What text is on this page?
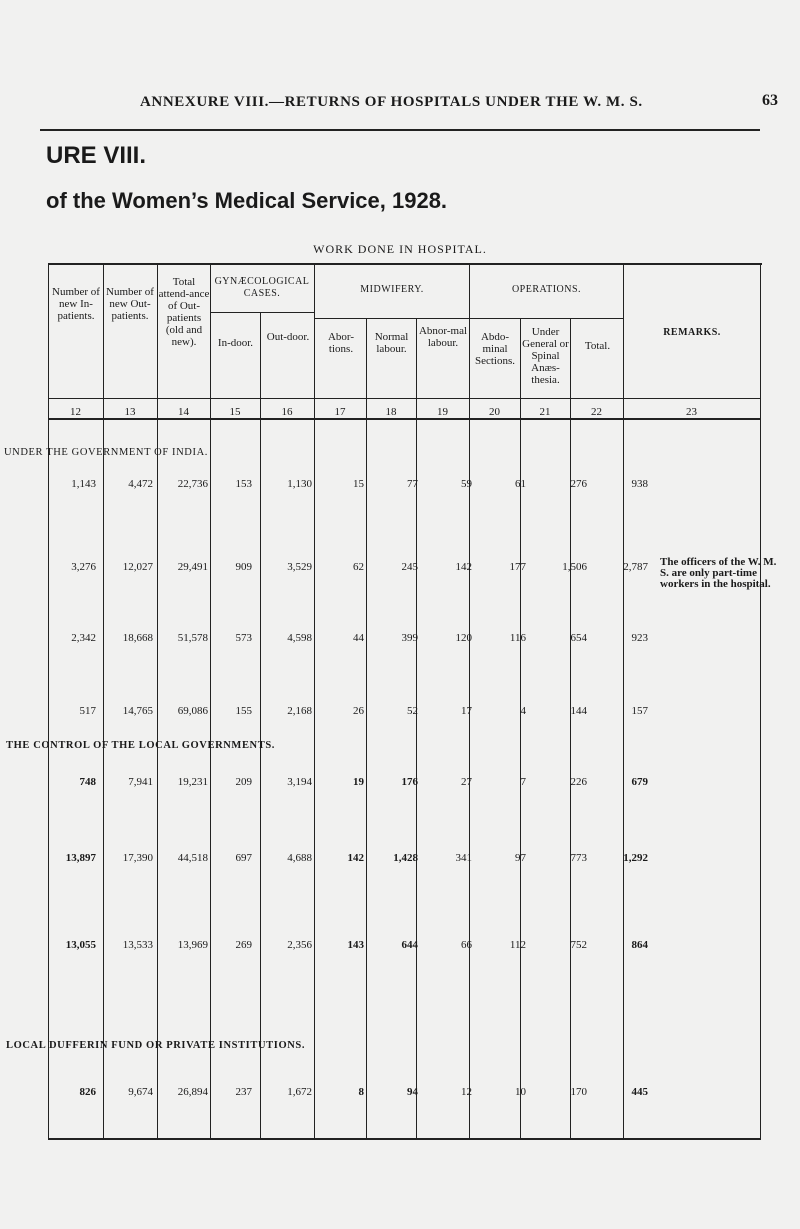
ANNEXURE VIII.—RETURNS OF HOSPITALS UNDER THE W. M. S.	63
URE VIII.
of the Women’s Medical Service, 1928.
WORK DONE IN HOSPITAL.
Number of new In-patients.
Number of new Out-patients.
Total attend-ance of Out-patients (old and new).
GYNÆCOLOGICAL CASES.
In-door.	Out-door.
MIDWIFERY.
Abor-tions.
Normal labour.
Abnor-mal labour.
OPERATIONS.
Abdo-minal Sections.
Under General or Spinal Anæs-thesia.
Total.
REMARKS.
12	13	14	15	16	17	18	19	20	21	22	23
UNDER THE GOVERNMENT OF INDIA.
THE CONTROL OF THE LOCAL GOVERNMENTS.
LOCAL DUFFERIN FUND OR PRIVATE INSTITUTIONS.
1,143	4,472	22,736	153	1,130	15	77	59	61	276	938
3,276	12,027	29,491	909	3,529	62	245	142	177	1,506	2,787
2,342	18,668	51,578	573	4,598	44	399	120	116	654	923
517	14,765	69,086	155	2,168	26	52	17	4	144	157
748	7,941	19,231	209	3,194	19	176	27	7	226	679
13,897	17,390	44,518	697	4,688	142	1,428	341	97	773	1,292
13,055	13,533	13,969	269	2,356	143	644	66	112	752	864
826	9,674	26,894	237	1,672	8	94	12	10	170	445
The officers of the W. M. S. are only part-time workers in the hospital.
